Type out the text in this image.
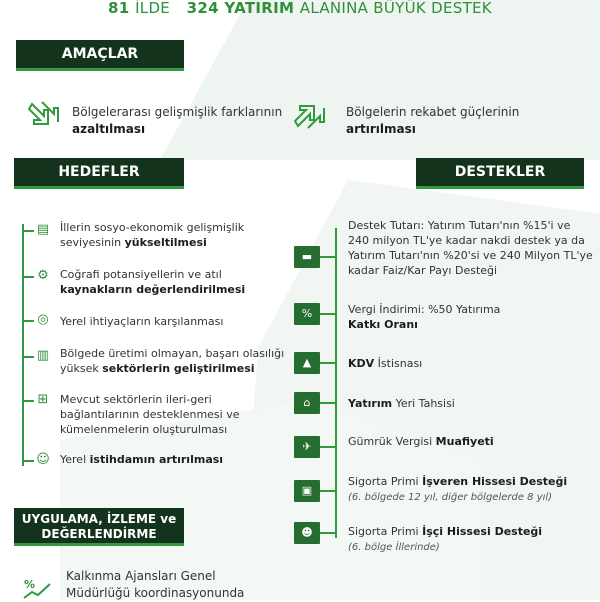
81 İLDE 324 YATIRIM ALANINA BÜYÜK DESTEK
AMAÇLAR
Bölgelerarası gelişmişlik farklarının
azaltılması
Bölgelerin rekabet güçlerinin
artırılması
HEDEFLER
▤ İllerin sosyo-ekonomik gelişmişlik
seviyesinin yükseltilmesi
⚙ Coğrafi potansiyellerin ve atıl
kaynakların değerlendirilmesi
◎	Yerel ihtiyaçların karşılanması
▥ Bölgede üretimi olmayan, başarı olasılığı
yüksek sektörlerin geliştirilmesi
⊞	Mevcut sektörlerin ileri-geri
bağlantılarının desteklenmesi ve
kümelenmelerin oluşturulması
☺ Yerel istihdamın artırılması
DESTEKLER
▬
Destek Tutarı: Yatırım Tutarı'nın %15'i ve
240 milyon TL'ye kadar nakdi destek ya da
Yatırım Tutarı'nın %20'si ve 240 Milyon TL'ye
kadar Faiz/Kar Payı Desteği
%	Vergi İndirimi: %50 Yatırıma
Katkı Oranı
▲	KDV İstisnası
⌂	Yatırım Yeri Tahsisi
✈	Gümrük Vergisi Muafiyeti
▣
Sigorta Primi İşveren Hissesi Desteği
(6. bölgede 12 yıl, diğer bölgelerde 8 yıl)
☻	Sigorta Primi İşçi Hissesi Desteği
(6. bölge İllerinde)
UYGULAMA, İZLEME ve
DEĞERLENDİRME
%
Kalkınma Ajansları Genel
Müdürlüğü koordinasyonunda
